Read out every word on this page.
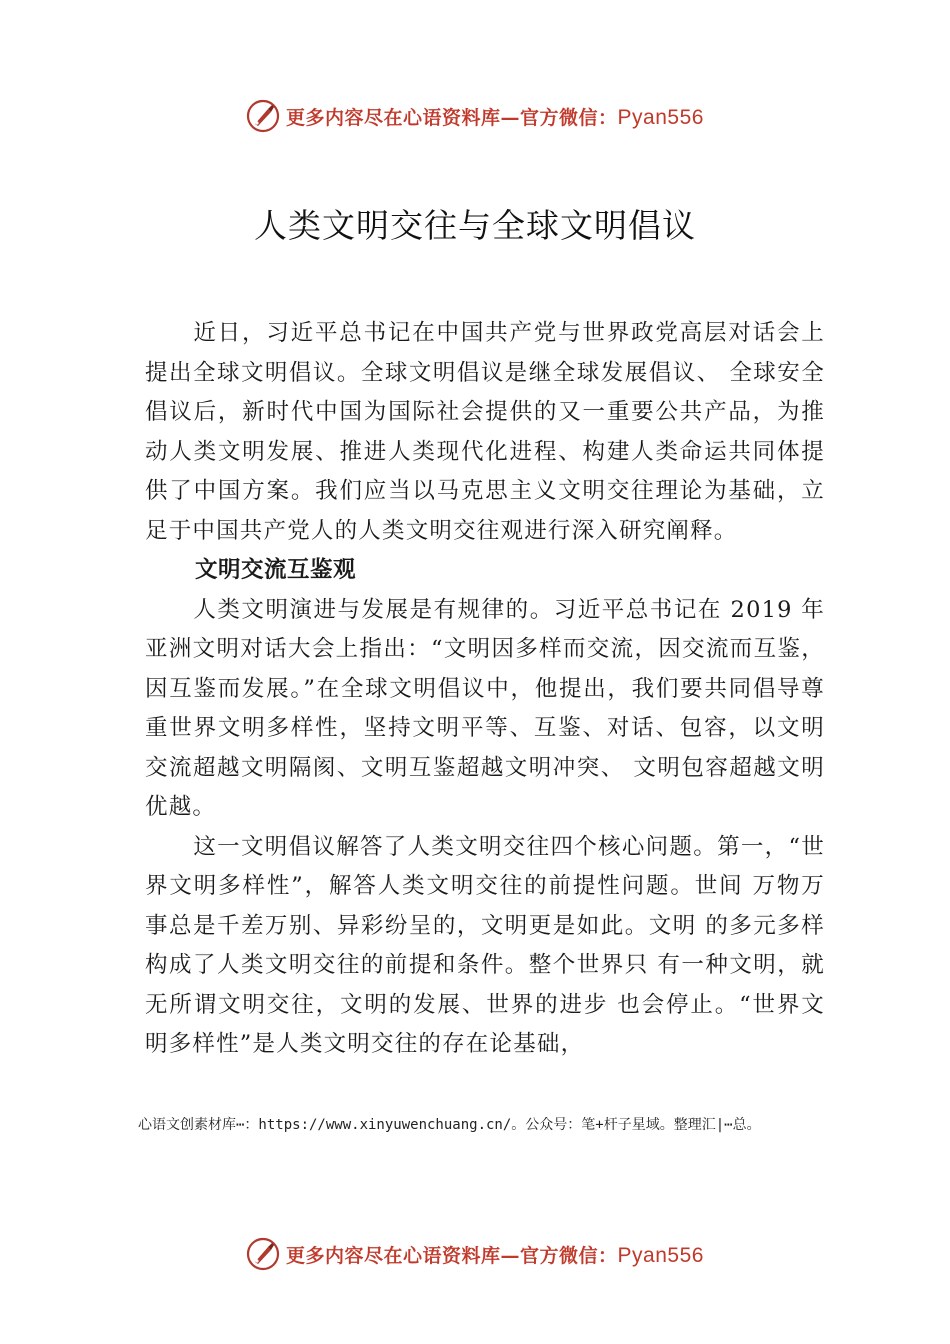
更多内容尽在心语资料库—官方微信：Pyan556
人类文明交往与全球文明倡议

近日，习近平总书记在中国共产党与世界政党高层对话会上提出全球文明倡议。全球文明倡议是继全球发展倡议、 全球安全倡议后，新时代中国为国际社会提供的又一重要公共产品，为推动人类文明发展、推进人类现代化进程、构建人类命运共同体提供了中国方案。我们应当以马克思主义文明交往理论为基础，立足于中国共产党人的人类文明交往观进行深入研究阐释。

文明交流互鉴观

人类文明演进与发展是有规律的。习近平总书记在 2019 年亚洲文明对话大会上指出：“文明因多样而交流，因交流而互鉴，因互鉴而发展。”在全球文明倡议中，他提出，我们要共同倡导尊重世界文明多样性，坚持文明平等、互鉴、对话、包容，以文明交流超越文明隔阂、文明互鉴超越文明冲突、 文明包容超越文明优越。

这一文明倡议解答了人类文明交往四个核心问题。第一，“世界文明多样性”，解答人类文明交往的前提性问题。世间 万物万事总是千差万别、异彩纷呈的，文明更是如此。文明 的多元多样构成了人类文明交往的前提和条件。整个世界只 有一种文明，就无所谓文明交往，文明的发展、世界的进步 也会停止。“世界文明多样性”是人类文明交往的存在论基础，

心语文创素材库⋯：https://www.xinyuwenchuang.cn/。公众号：笔+杆子星域。整理汇|⋯总。
更多内容尽在心语资料库—官方微信：Pyan556
